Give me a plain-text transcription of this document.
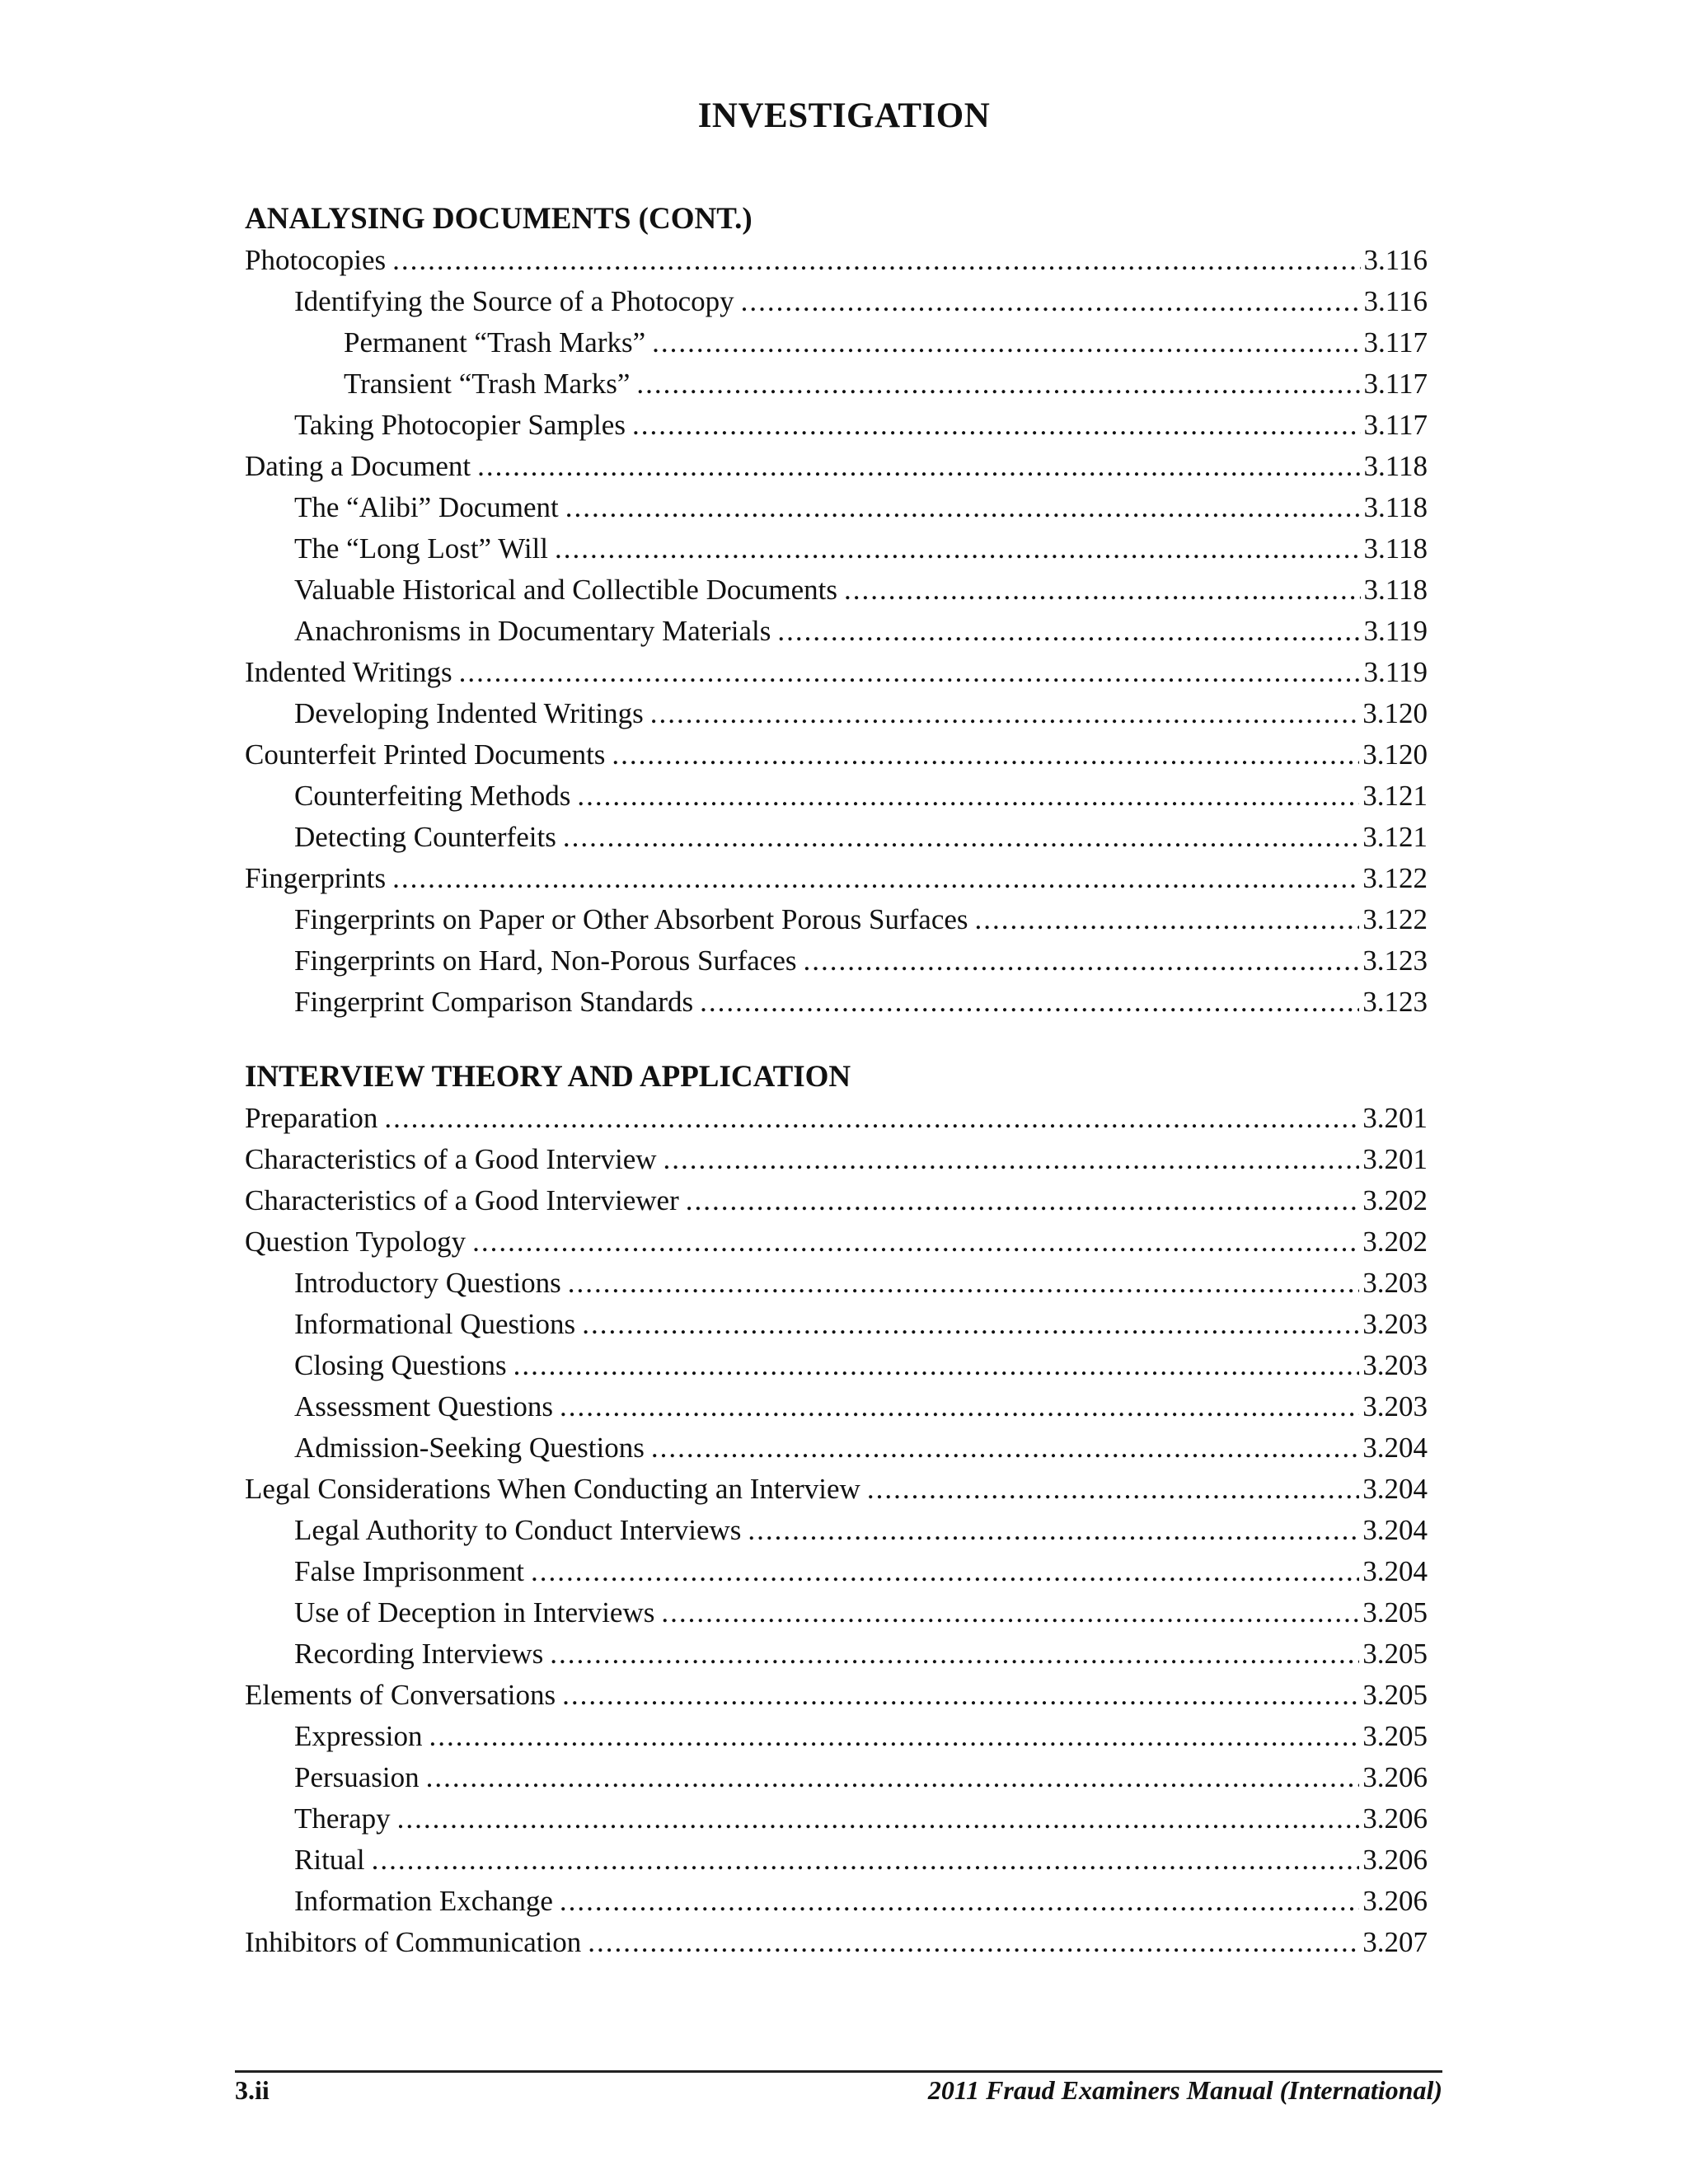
INVESTIGATION
ANALYSING DOCUMENTS (CONT.)
Photocopies .....	3.116
Identifying the Source of a Photocopy .....	3.116
Permanent “Trash Marks” .....	3.117
Transient “Trash Marks” .....	3.117
Taking Photocopier Samples .....	3.117
Dating a Document .....	3.118
The “Alibi” Document .....	3.118
The “Long Lost” Will .....	3.118
Valuable Historical and Collectible Documents .....	3.118
Anachronisms in Documentary Materials .....	3.119
Indented Writings .....	3.119
Developing Indented Writings .....	3.120
Counterfeit Printed Documents .....	3.120
Counterfeiting Methods .....	3.121
Detecting Counterfeits .....	3.121
Fingerprints .....	3.122
Fingerprints on Paper or Other Absorbent Porous Surfaces .....	3.122
Fingerprints on Hard, Non-Porous Surfaces .....	3.123
Fingerprint Comparison Standards .....	3.123
INTERVIEW THEORY AND APPLICATION
Preparation .....	3.201
Characteristics of a Good Interview .....	3.201
Characteristics of a Good Interviewer .....	3.202
Question Typology .....	3.202
Introductory Questions .....	3.203
Informational Questions .....	3.203
Closing Questions .....	3.203
Assessment Questions .....	3.203
Admission-Seeking Questions .....	3.204
Legal Considerations When Conducting an Interview .....	3.204
Legal Authority to Conduct Interviews .....	3.204
False Imprisonment .....	3.204
Use of Deception in Interviews .....	3.205
Recording Interviews .....	3.205
Elements of Conversations .....	3.205
Expression .....	3.205
Persuasion .....	3.206
Therapy .....	3.206
Ritual .....	3.206
Information Exchange .....	3.206
Inhibitors of Communication .....	3.207
3.ii	2011 Fraud Examiners Manual (International)
